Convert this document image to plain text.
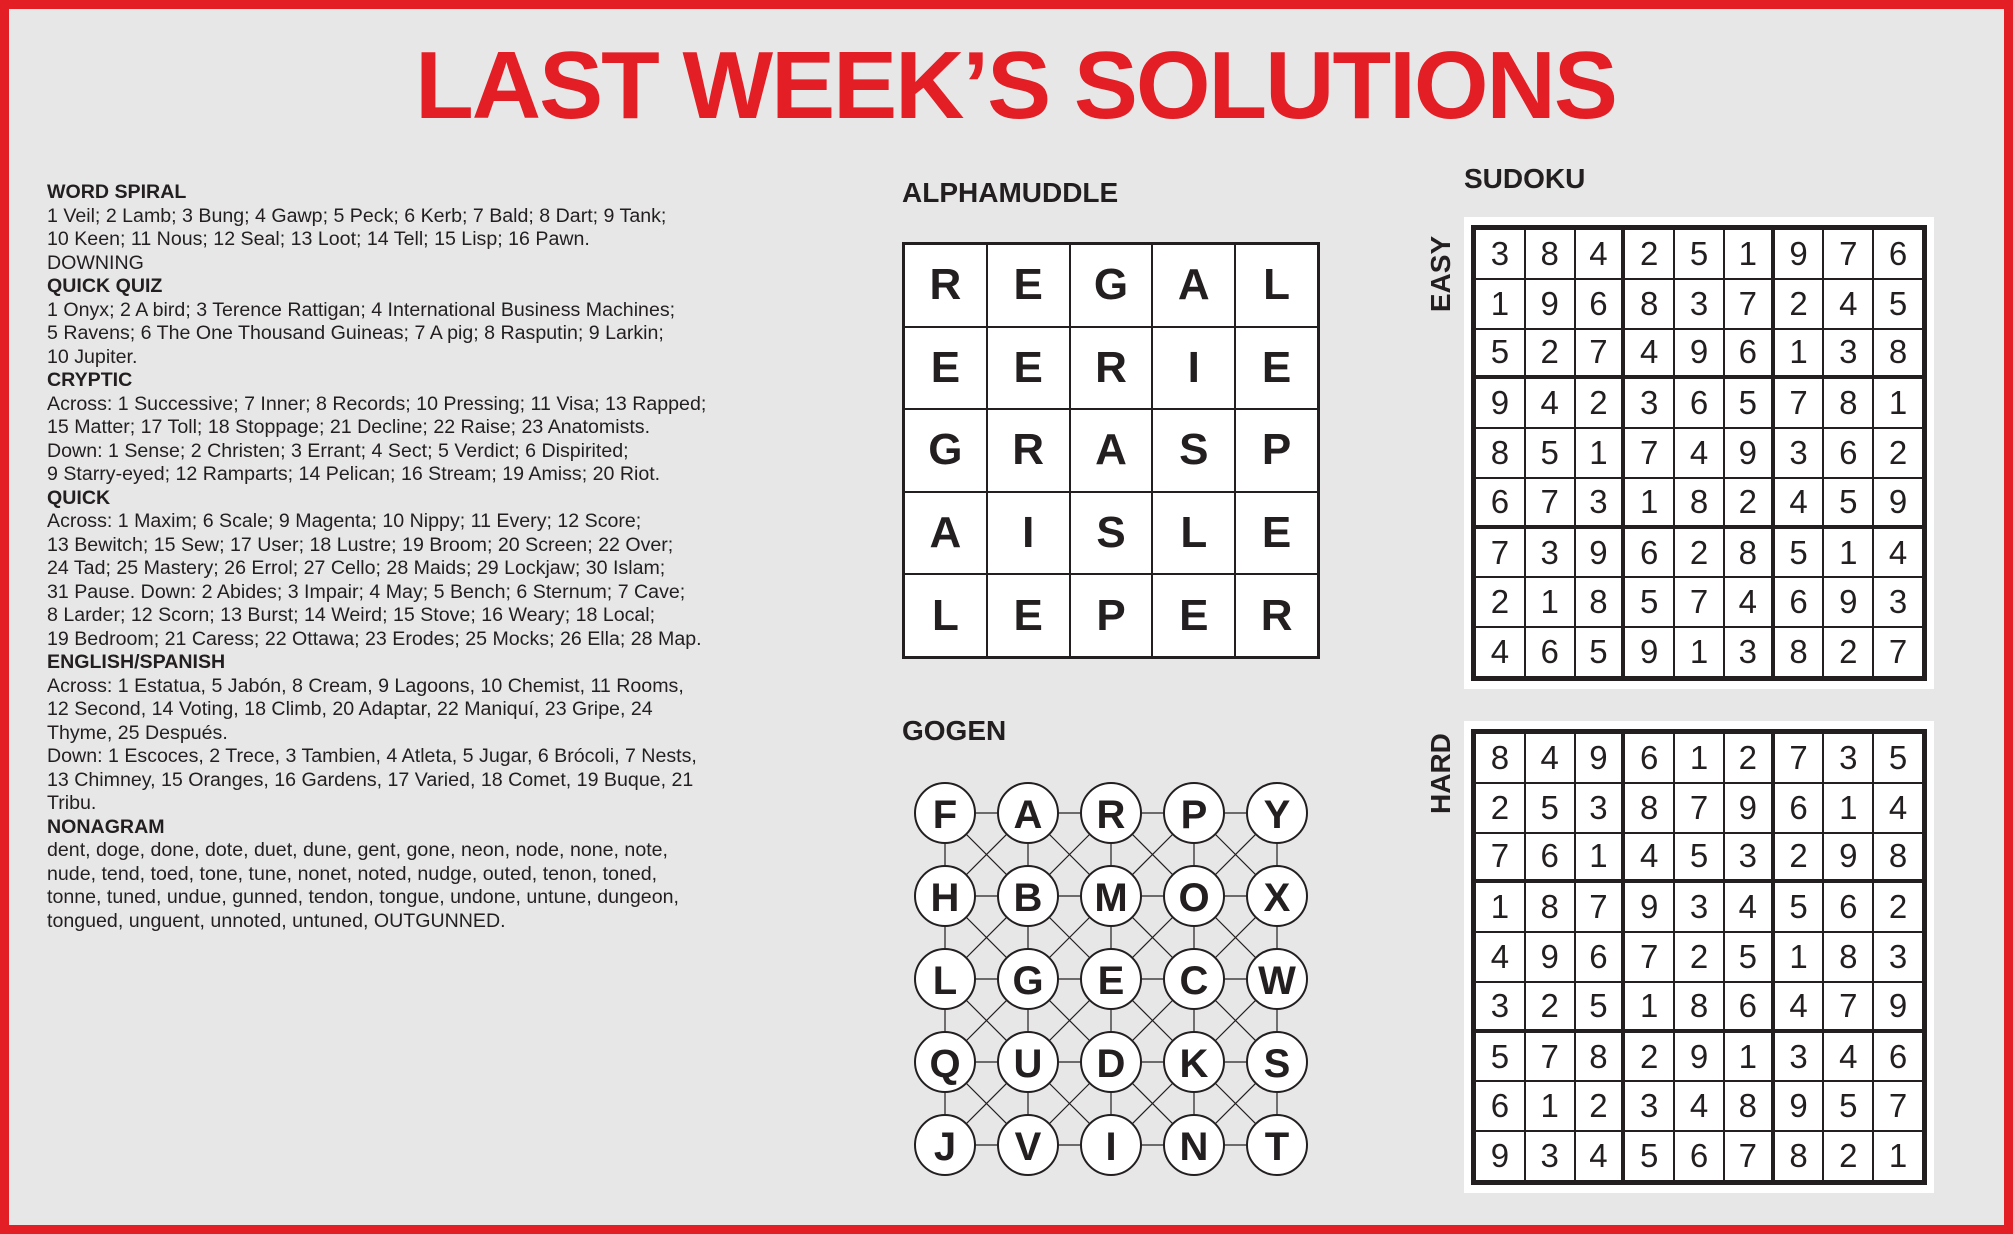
LAST WEEK’S SOLUTIONS
WORD SPIRAL
1 Veil; 2 Lamb; 3 Bung; 4 Gawp; 5 Peck; 6 Kerb; 7 Bald; 8 Dart; 9 Tank;
10 Keen; 11 Nous; 12 Seal; 13 Loot; 14 Tell; 15 Lisp; 16 Pawn.
DOWNING
QUICK QUIZ
1 Onyx; 2 A bird; 3 Terence Rattigan; 4 International Business Machines;
5 Ravens; 6 The One Thousand Guineas; 7 A pig; 8 Rasputin; 9 Larkin;
10 Jupiter.
CRYPTIC
Across: 1 Successive; 7 Inner; 8 Records; 10 Pressing; 11 Visa; 13 Rapped;
15 Matter; 17 Toll; 18 Stoppage; 21 Decline; 22 Raise; 23 Anatomists.
Down: 1 Sense; 2 Christen; 3 Errant; 4 Sect; 5 Verdict; 6 Dispirited;
9 Starry-eyed; 12 Ramparts; 14 Pelican; 16 Stream; 19 Amiss; 20 Riot.
QUICK
Across: 1 Maxim; 6 Scale; 9 Magenta; 10 Nippy; 11 Every; 12 Score;
13 Bewitch; 15 Sew; 17 User; 18 Lustre; 19 Broom; 20 Screen; 22 Over;
24 Tad; 25 Mastery; 26 Errol; 27 Cello; 28 Maids; 29 Lockjaw; 30 Islam;
31 Pause. Down: 2 Abides; 3 Impair; 4 May; 5 Bench; 6 Sternum; 7 Cave;
8 Larder; 12 Scorn; 13 Burst; 14 Weird; 15 Stove; 16 Weary; 18 Local;
19 Bedroom; 21 Caress; 22 Ottawa; 23 Erodes; 25 Mocks; 26 Ella; 28 Map.
ENGLISH/SPANISH
Across: 1 Estatua, 5 Jabón, 8 Cream, 9 Lagoons, 10 Chemist, 11 Rooms,
12 Second, 14 Voting, 18 Climb, 20 Adaptar, 22 Maniquí, 23 Gripe, 24
Thyme, 25 Después.
Down: 1 Escoces, 2 Trece, 3 Tambien, 4 Atleta, 5 Jugar, 6 Brócoli, 7 Nests,
13 Chimney, 15 Oranges, 16 Gardens, 17 Varied, 18 Comet, 19 Buque, 21
Tribu.
NONAGRAM
dent, doge, done, dote, duet, dune, gent, gone, neon, node, none, note,
nude, tend, toed, tone, tune, nonet, noted, nudge, outed, tenon, toned,
tonne, tuned, undue, gunned, tendon, tongue, undone, untune, dungeon,
tongued, unguent, unnoted, untuned, OUTGUNNED.
ALPHAMUDDLE
R	E	G	A	L
E	E	R	I	E
G	R	A	S	P
A	I	S	L	E
L	E	P	E	R
GOGEN
F A R P Y
H B M O X
L G E C W
Q U D K S
J V I N T
SUDOKU
EASY	3 8 4 2 5 1 9 7 6
1 9 6 8 3 7 2 4 5
5 2 7 4 9 6 1 3 8
9 4 2 3 6 5 7 8 1
8 5 1 7 4 9 3 6 2
6 7 3 1 8 2 4 5 9
7 3 9 6 2 8 5 1 4
2 1 8 5 7 4 6 9 3
4 6 5 9 1 3 8 2 7
HARD	8 4 9 6 1 2 7 3 5
2 5 3 8 7 9 6 1 4
7 6 1 4 5 3 2 9 8
1 8 7 9 3 4 5 6 2
4 9 6 7 2 5 1 8 3
3 2 5 1 8 6 4 7 9
5 7 8 2 9 1 3 4 6
6 1 2 3 4 8 9 5 7
9 3 4 5 6 7 8 2 1
